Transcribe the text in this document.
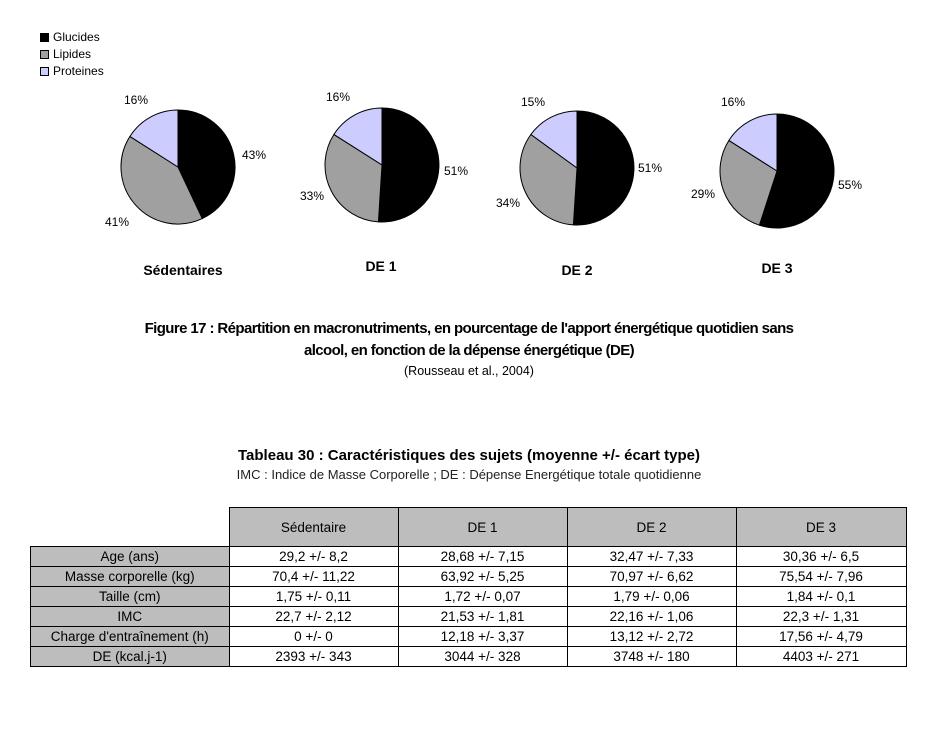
Glucides
Lipides
Proteines
43%
41%
16%
51%
33%
16%
51%
34%
15%
55%
29%
16%
Sédentaires	DE 1	DE 2	DE 3
Figure 17 : Répartition en macronutriments, en pourcentage de l'apport énergétique quotidien sans
alcool, en fonction de la dépense énergétique (DE)
(Rousseau et al., 2004)
Tableau 30 : Caractéristiques des sujets (moyenne +/- écart type)
IMC : Indice de Masse Corporelle ; DE : Dépense Energétique totale quotidienne
	Sédentaire	DE 1	DE 2	DE 3
Age (ans)	29,2 +/- 8,2	28,68 +/- 7,15	32,47 +/- 7,33	30,36 +/- 6,5
Masse corporelle (kg)	70,4 +/- 11,22	63,92 +/- 5,25	70,97 +/- 6,62	75,54 +/- 7,96
Taille (cm)	1,75 +/- 0,11	1,72 +/- 0,07	1,79 +/- 0,06	1,84 +/- 0,1
IMC	22,7 +/- 2,12	21,53 +/- 1,81	22,16 +/- 1,06	22,3 +/- 1,31
Charge d'entraînement (h)	0 +/- 0	12,18 +/- 3,37	13,12 +/- 2,72	17,56 +/- 4,79
DE (kcal.j-1)	2393 +/- 343	3044 +/- 328	3748 +/- 180	4403 +/- 271
